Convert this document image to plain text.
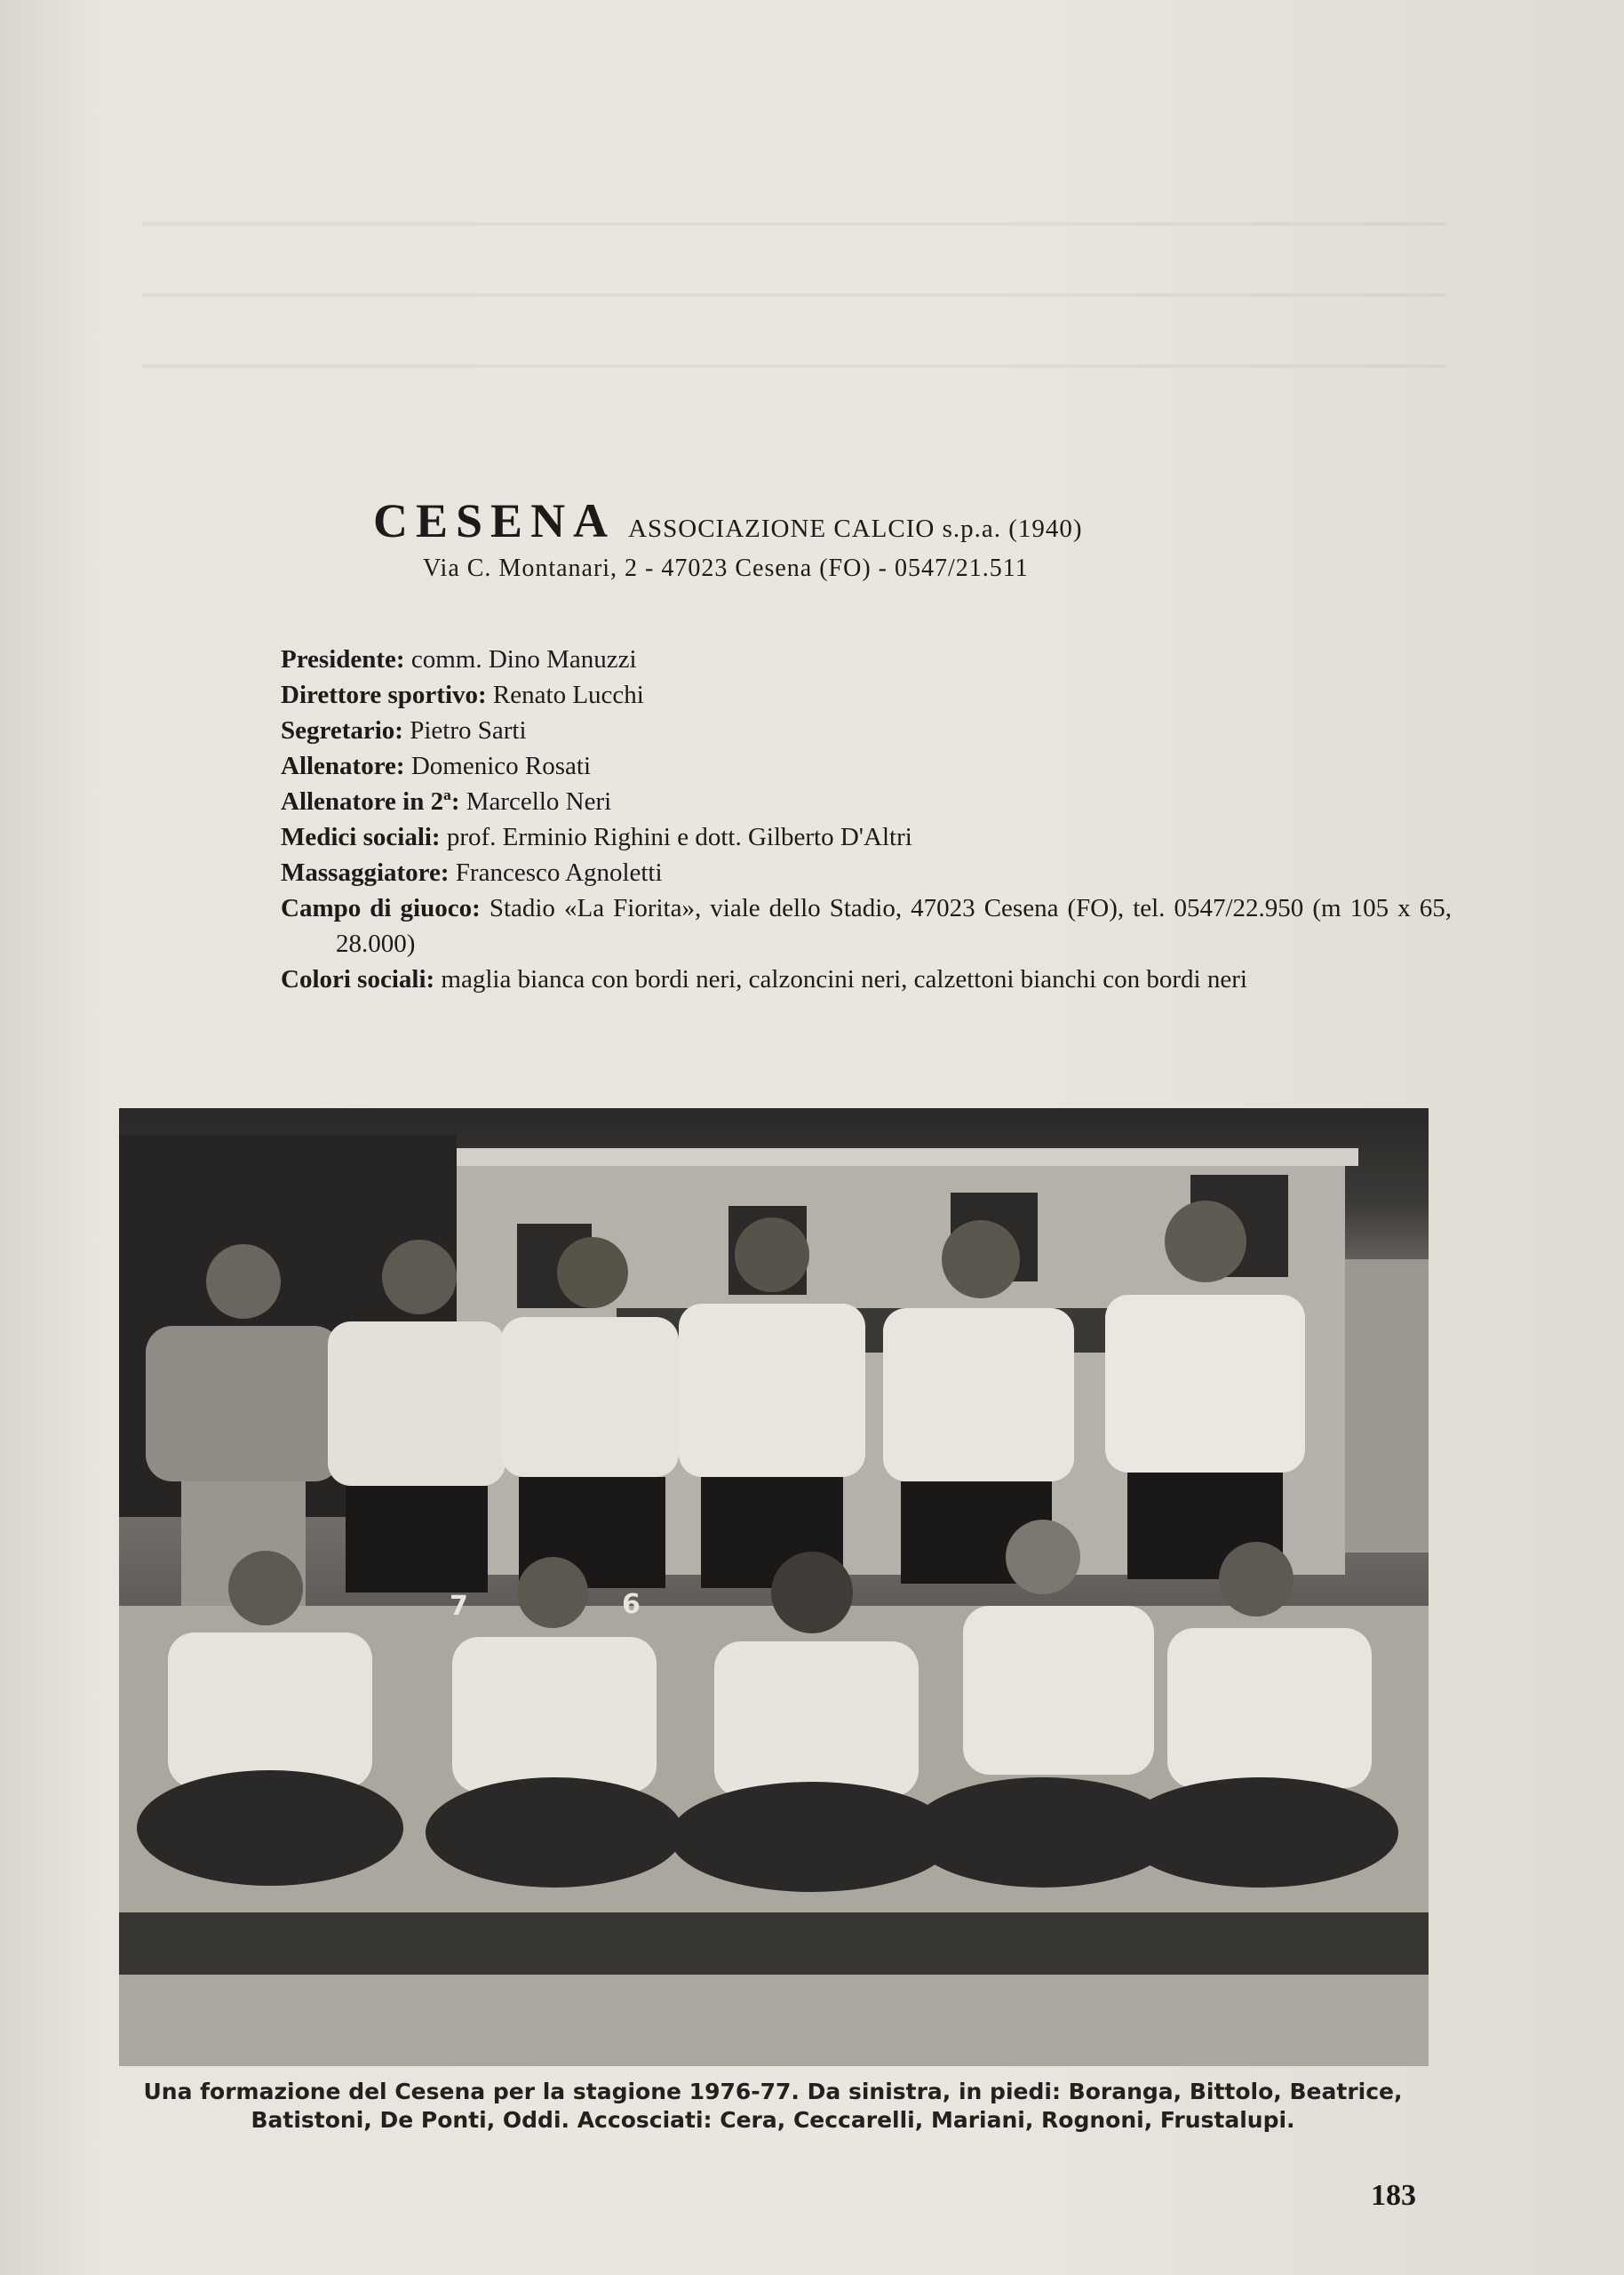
CESENA ASSOCIAZIONE CALCIO s.p.a. (1940)
Via C. Montanari, 2 - 47023 Cesena (FO) - 0547/21.511

Presidente: comm. Dino Manuzzi

Direttore sportivo: Renato Lucchi

Segretario: Pietro Sarti

Allenatore: Domenico Rosati

Allenatore in 2ª: Marcello Neri

Medici sociali: prof. Erminio Righini e dott. Gilberto D'Altri

Massaggiatore: Francesco Agnoletti

Campo di giuoco: Stadio «La Fiorita», viale dello Stadio, 47023 Cesena (FO), tel. 0547/22.950 (m 105 x 65, 28.000)

Colori sociali: maglia bianca con bordi neri, calzoncini neri, calzettoni bianchi con bordi neri

7	6
Una formazione del Cesena per la stagione 1976-77. Da sinistra, in piedi: Boranga, Bittolo, Beatrice,
Batistoni, De Ponti, Oddi. Accosciati: Cera, Ceccarelli, Mariani, Rognoni, Frustalupi.
183
